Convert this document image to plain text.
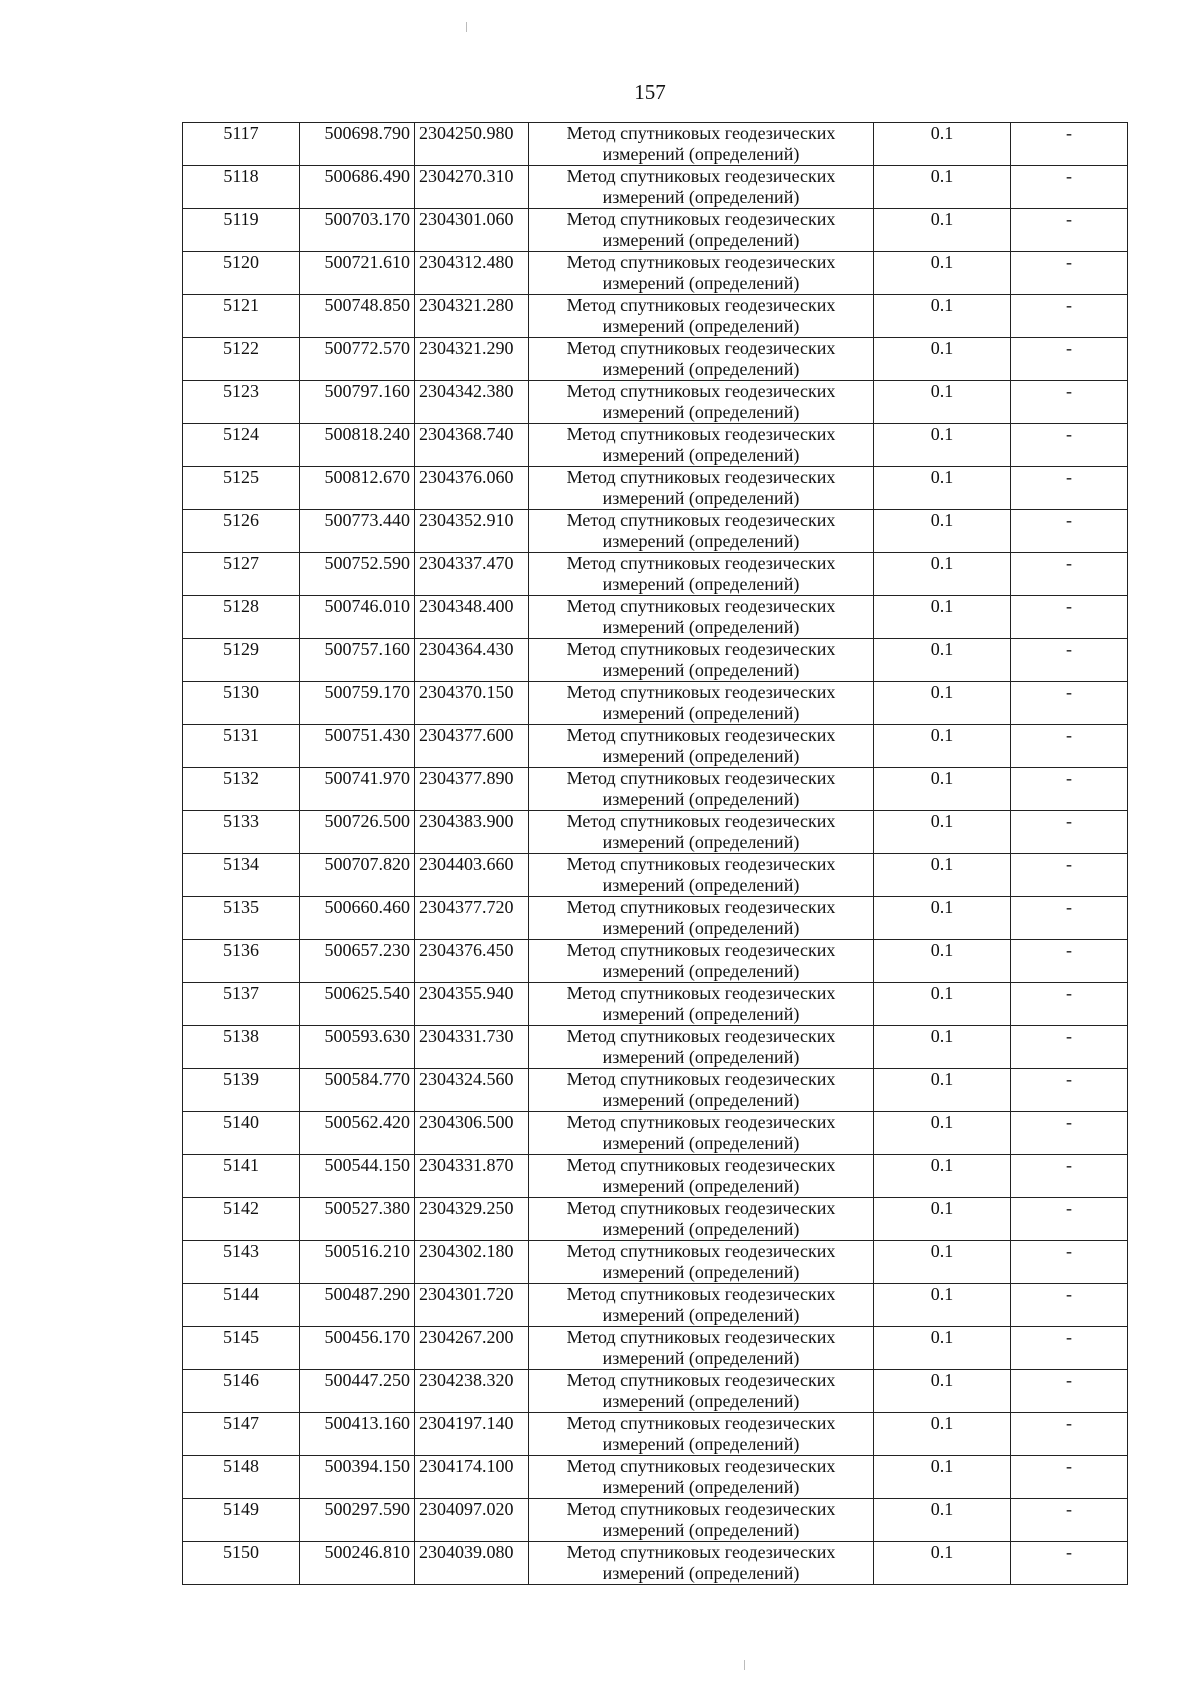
157
5117	500698.790	2304250.980	Метод спутниковых геодезических измерений (определений)	0.1	-
5118	500686.490	2304270.310	Метод спутниковых геодезических измерений (определений)	0.1	-
5119	500703.170	2304301.060	Метод спутниковых геодезических измерений (определений)	0.1	-
5120	500721.610	2304312.480	Метод спутниковых геодезических измерений (определений)	0.1	-
5121	500748.850	2304321.280	Метод спутниковых геодезических измерений (определений)	0.1	-
5122	500772.570	2304321.290	Метод спутниковых геодезических измерений (определений)	0.1	-
5123	500797.160	2304342.380	Метод спутниковых геодезических измерений (определений)	0.1	-
5124	500818.240	2304368.740	Метод спутниковых геодезических измерений (определений)	0.1	-
5125	500812.670	2304376.060	Метод спутниковых геодезических измерений (определений)	0.1	-
5126	500773.440	2304352.910	Метод спутниковых геодезических измерений (определений)	0.1	-
5127	500752.590	2304337.470	Метод спутниковых геодезических измерений (определений)	0.1	-
5128	500746.010	2304348.400	Метод спутниковых геодезических измерений (определений)	0.1	-
5129	500757.160	2304364.430	Метод спутниковых геодезических измерений (определений)	0.1	-
5130	500759.170	2304370.150	Метод спутниковых геодезических измерений (определений)	0.1	-
5131	500751.430	2304377.600	Метод спутниковых геодезических измерений (определений)	0.1	-
5132	500741.970	2304377.890	Метод спутниковых геодезических измерений (определений)	0.1	-
5133	500726.500	2304383.900	Метод спутниковых геодезических измерений (определений)	0.1	-
5134	500707.820	2304403.660	Метод спутниковых геодезических измерений (определений)	0.1	-
5135	500660.460	2304377.720	Метод спутниковых геодезических измерений (определений)	0.1	-
5136	500657.230	2304376.450	Метод спутниковых геодезических измерений (определений)	0.1	-
5137	500625.540	2304355.940	Метод спутниковых геодезических измерений (определений)	0.1	-
5138	500593.630	2304331.730	Метод спутниковых геодезических измерений (определений)	0.1	-
5139	500584.770	2304324.560	Метод спутниковых геодезических измерений (определений)	0.1	-
5140	500562.420	2304306.500	Метод спутниковых геодезических измерений (определений)	0.1	-
5141	500544.150	2304331.870	Метод спутниковых геодезических измерений (определений)	0.1	-
5142	500527.380	2304329.250	Метод спутниковых геодезических измерений (определений)	0.1	-
5143	500516.210	2304302.180	Метод спутниковых геодезических измерений (определений)	0.1	-
5144	500487.290	2304301.720	Метод спутниковых геодезических измерений (определений)	0.1	-
5145	500456.170	2304267.200	Метод спутниковых геодезических измерений (определений)	0.1	-
5146	500447.250	2304238.320	Метод спутниковых геодезических измерений (определений)	0.1	-
5147	500413.160	2304197.140	Метод спутниковых геодезических измерений (определений)	0.1	-
5148	500394.150	2304174.100	Метод спутниковых геодезических измерений (определений)	0.1	-
5149	500297.590	2304097.020	Метод спутниковых геодезических измерений (определений)	0.1	-
5150	500246.810	2304039.080	Метод спутниковых геодезических измерений (определений)	0.1	-
